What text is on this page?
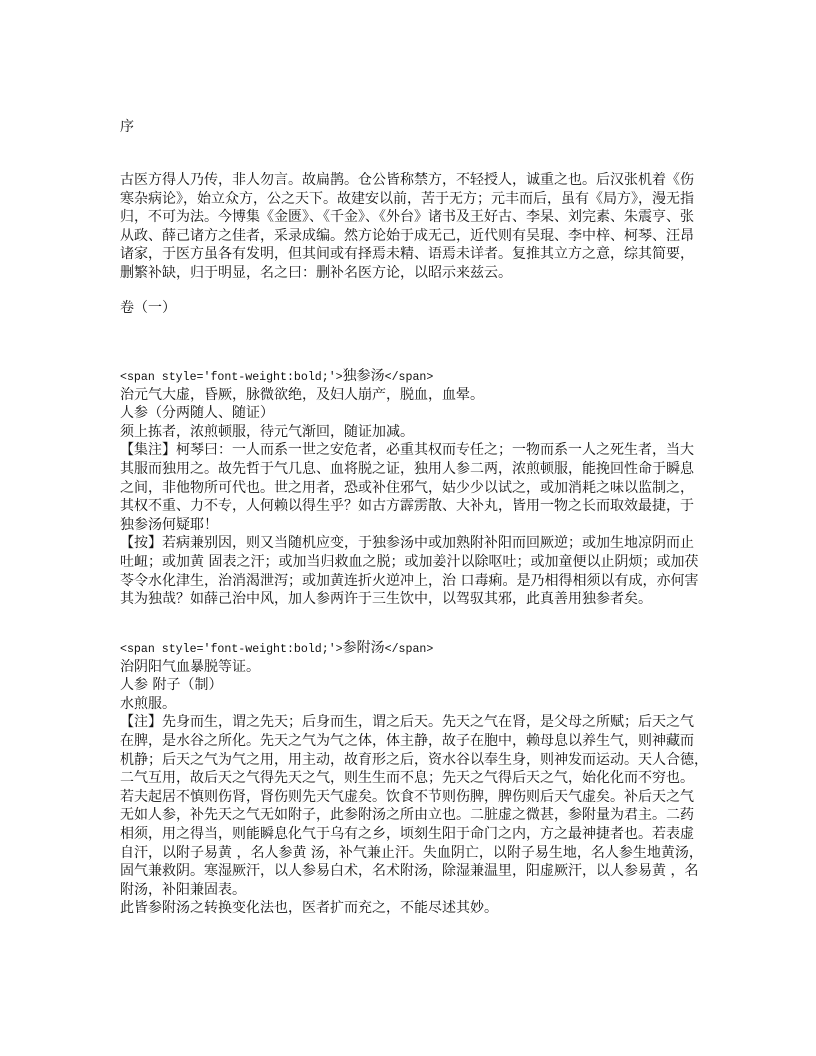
序
古医方得人乃传，非人勿言。故扁鹊。仓公皆称禁方，不轻授人，诚重之也。后汉张机着《伤
寒杂病论》，始立众方，公之天下。故建安以前，苦于无方；元丰而后，虽有《局方》，漫无指
归，不可为法。今博集《金匮》、《千金》、《外台》诸书及王好古、李杲、刘完素、朱震亨、张
从政、薛己诸方之佳者，采录成编。然方论始于成无己，近代则有吴琨、李中梓、柯琴、汪昂
诸家，于医方虽各有发明，但其间或有择焉未精、语焉未详者。复推其立方之意，综其简要，
删繁补缺，归于明显，名之曰：删补名医方论，以昭示来兹云。
卷（一）
<span style='font-weight:bold;'>独参汤</span>
治元气大虚，昏厥，脉微欲绝，及妇人崩产，脱血，血晕。
人参（分两随人、随证）
须上拣者，浓煎顿服，待元气渐回，随证加减。
【集注】柯琴曰：一人而系一世之安危者，必重其权而专任之；一物而系一人之死生者，当大
其服而独用之。故先哲于气几息、血将脱之证，独用人参二两，浓煎顿服，能挽回性命于瞬息
之间，非他物所可代也。世之用者，恐或补住邪气，姑少少以试之，或加消耗之味以监制之，
其权不重、力不专，人何赖以得生乎？如古方霹雳散、大补丸，皆用一物之长而取效最捷，于
独参汤何疑耶！
【按】若病兼别因，则又当随机应变，于独参汤中或加熟附补阳而回厥逆；或加生地凉阴而止
吐衄；或加黄 固表之汗；或加当归救血之脱；或加姜汁以除呕吐；或加童便以止阴烦；或加茯
苓令水化津生，治消渴泄泻；或加黄连折火逆冲上，治 口毒痢。是乃相得相须以有成，亦何害
其为独哉？如薛己治中风，加人参两许于三生饮中，以驾驭其邪，此真善用独参者矣。
<span style='font-weight:bold;'>参附汤</span>
治阴阳气血暴脱等证。
人参 附子（制）
水煎服。
【注】先身而生，谓之先天；后身而生，谓之后天。先天之气在肾，是父母之所赋；后天之气
在脾，是水谷之所化。先天之气为气之体，体主静，故子在胞中，赖母息以养生气，则神藏而
机静；后天之气为气之用，用主动，故育形之后，资水谷以奉生身，则神发而运动。天人合德，
二气互用，故后天之气得先天之气，则生生而不息；先天之气得后天之气，始化化而不穷也。
若夫起居不慎则伤肾，肾伤则先天气虚矣。饮食不节则伤脾，脾伤则后天气虚矣。补后天之气
无如人参，补先天之气无如附子，此参附汤之所由立也。二脏虚之微甚，参附量为君主。二药
相须，用之得当，则能瞬息化气于乌有之乡，顷刻生阳于命门之内，方之最神捷者也。若表虚
自汗，以附子易黄 ，名人参黄 汤，补气兼止汗。失血阴亡，以附子易生地，名人参生地黄汤，
固气兼救阴。寒湿厥汗，以人参易白术，名术附汤，除湿兼温里，阳虚厥汗，以人参易黄 ，名
附汤，补阳兼固表。
此皆参附汤之转换变化法也，医者扩而充之，不能尽述其妙。
